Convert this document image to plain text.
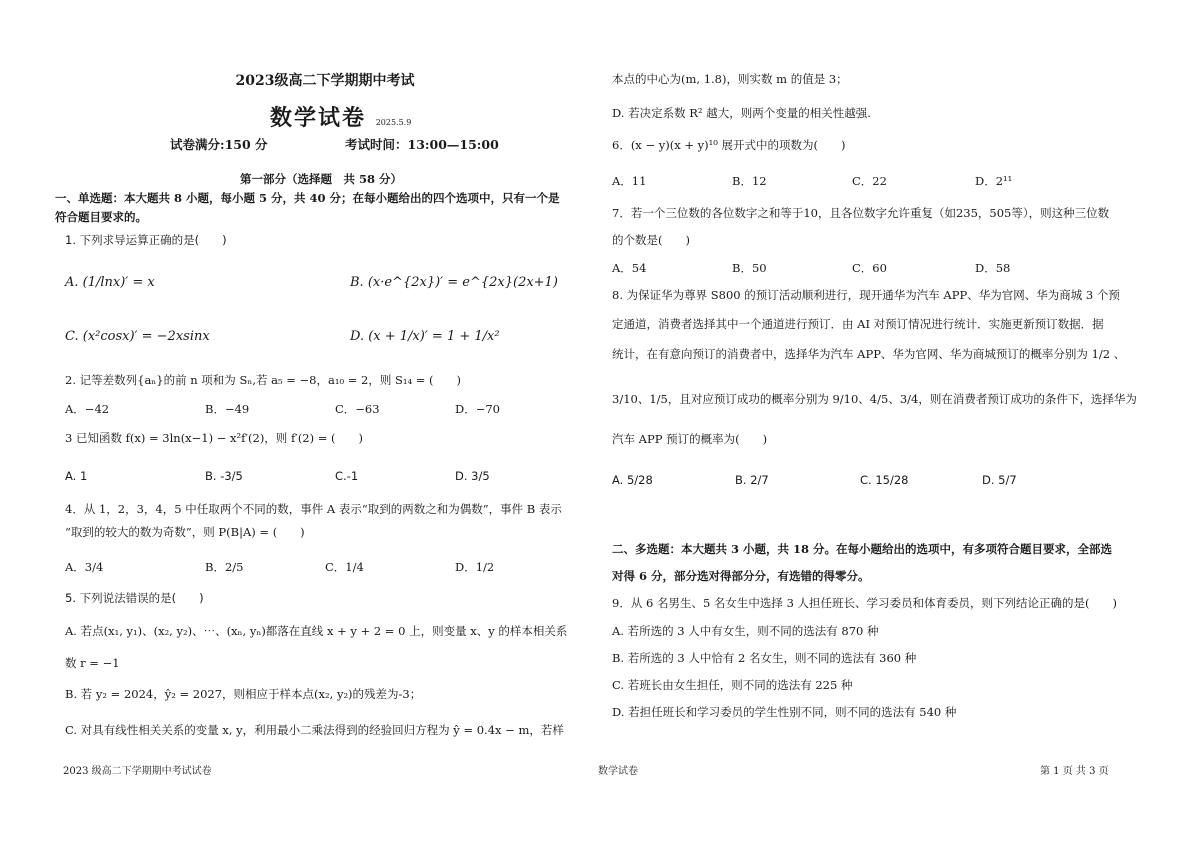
2023级高二下学期期中考试
数学试卷 2025.5.9
试卷满分:150 分	考试时间：13:00—15:00
第一部分（选择题　共 58 分）
一、单选题：本大题共 8 小题，每小题 5 分，共 40 分；在每小题给出的四个选项中，只有一个是
符合题目要求的。
1. 下列求导运算正确的是(　　)
A. (1/lnx)′ = x	B. (x·e^{2x})′ = e^{2x}(2x+1)
C. (x²cosx)′ = −2xsinx	D. (x + 1/x)′ = 1 + 1/x²
2. 记等差数列{aₙ}的前 n 项和为 Sₙ,若 a₅ = −8，a₁₀ = 2，则 S₁₄ = (　　)
A．−42	B．−49	C．−63	D．−70
3 已知函数 f(x) = 3ln(x−1) − x²f′(2)，则 f′(2) = (　　)
A. 1	B. -3/5	C.-1	D. 3/5
4．从 1，2，3，4，5 中任取两个不同的数，事件 A 表示“取到的两数之和为偶数”，事件 B 表示
“取到的较大的数为奇数”，则 P(B|A) = (　　)
A．3/4	B．2/5	C．1/4	D．1/2
5. 下列说法错误的是(　　)
A. 若点(x₁, y₁)、(x₂, y₂)、⋯、(xₙ, yₙ)都落在直线 x + y + 2 = 0 上，则变量 x、y 的样本相关系
数 r = −1
B. 若 y₂ = 2024，ŷ₂ = 2027，则相应于样本点(x₂, y₂)的残差为-3；
C. 对具有线性相关关系的变量 x, y，利用最小二乘法得到的经验回归方程为 ŷ = 0.4x − m，若样
本点的中心为(m, 1.8)，则实数 m 的值是 3；
D. 若决定系数 R² 越大，则两个变量的相关性越强.
6．(x − y)(x + y)¹⁰ 展开式中的项数为(　　)
A．11	B．12	C．22	D．2¹¹
7．若一个三位数的各位数字之和等于10，且各位数字允许重复（如235，505等），则这种三位数
的个数是(　　)
A．54	B．50	C．60	D．58
8. 为保证华为尊界 S800 的预订活动顺利进行，现开通华为汽车 APP、华为官网、华为商城 3 个预
定通道，消费者选择其中一个通道进行预订．由 AI 对预订情况进行统计．实施更新预订数据．据
统计，在有意向预订的消费者中，选择华为汽车 APP、华为官网、华为商城预订的概率分别为 1/2 、
3/10、1/5，且对应预订成功的概率分别为 9/10、4/5、3/4，则在消费者预订成功的条件下，选择华为
汽车 APP 预订的概率为(　　)
A. 5/28	B. 2/7	C. 15/28	D. 5/7
二、多选题：本大题共 3 小题，共 18 分。在每小题给出的选项中，有多项符合题目要求，全部选
对得 6 分，部分选对得部分分，有选错的得零分。
9．从 6 名男生、5 名女生中选择 3 人担任班长、学习委员和体育委员，则下列结论正确的是(　　)
A. 若所选的 3 人中有女生，则不同的选法有 870 种
B. 若所选的 3 人中恰有 2 名女生，则不同的选法有 360 种
C. 若班长由女生担任，则不同的选法有 225 种
D. 若担任班长和学习委员的学生性别不同，则不同的选法有 540 种
2023 级高二下学期期中考试试卷	数学试卷	第 1 页 共 3 页
